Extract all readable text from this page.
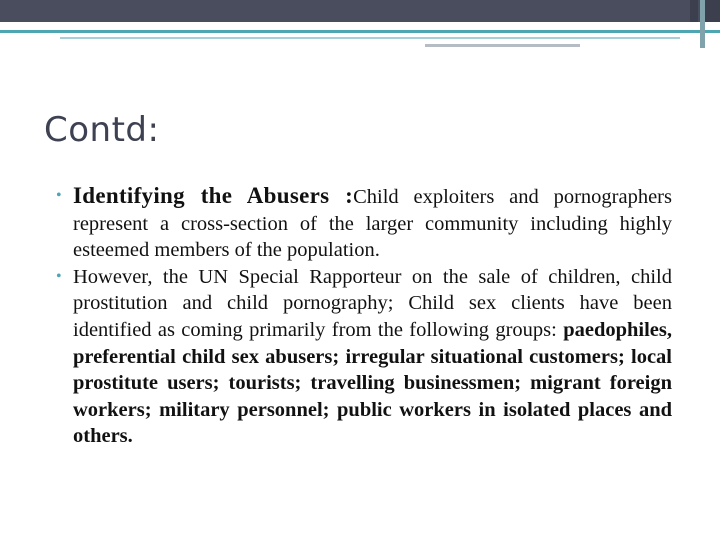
Contd:
• Identifying the Abusers :Child exploiters and pornographers represent a cross-section of the larger community including highly esteemed members of the population.
• However, the UN Special Rapporteur on the sale of children, child prostitution and child pornography; Child sex clients have been identified as coming primarily from the following groups: paedophiles, preferential child sex abusers; irregular situational customers; local prostitute users; tourists; travelling businessmen; migrant foreign workers; military personnel; public workers in isolated places and others.
